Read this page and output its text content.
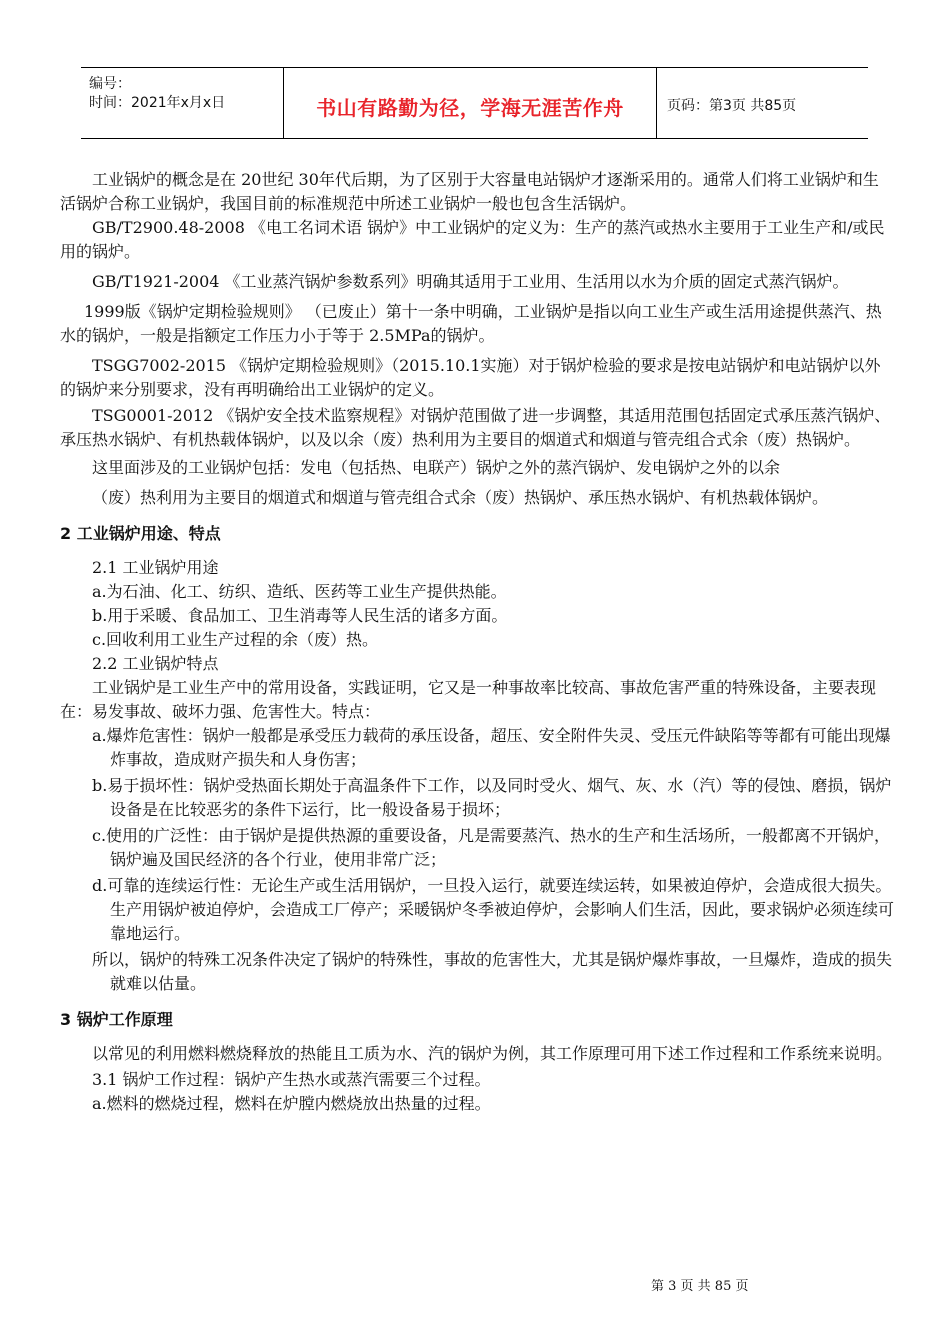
编号：
时间：2021年x月x日	书山有路勤为径，学海无涯苦作舟	页码：第3页 共85页

工业锅炉的概念是在 20世纪 30年代后期，为了区别于大容量电站锅炉才逐渐采用的。通常人们将工业锅炉和生活锅炉合称工业锅炉，我国目前的标准规范中所述工业锅炉一般也包含生活锅炉。

GB/T2900.48-2008 《电工名词术语 锅炉》中工业锅炉的定义为：生产的蒸汽或热水主要用于工业生产和/或民用的锅炉。

GB/T1921-2004 《工业蒸汽锅炉参数系列》明确其适用于工业用、生活用以水为介质的固定式蒸汽锅炉。

1999版《锅炉定期检验规则》 （已废止）第十一条中明确，工业锅炉是指以向工业生产或生活用途提供蒸汽、热水的锅炉，一般是指额定工作压力小于等于 2.5MPa的锅炉。

TSGG7002-2015 《锅炉定期检验规则》（2015.10.1实施）对于锅炉检验的要求是按电站锅炉和电站锅炉以外的锅炉来分别要求，没有再明确给出工业锅炉的定义。

TSG0001-2012 《锅炉安全技术监察规程》对锅炉范围做了进一步调整，其适用范围包括固定式承压蒸汽锅炉、承压热水锅炉、有机热载体锅炉，以及以余（废）热利用为主要目的烟道式和烟道与管壳组合式余（废）热锅炉。

这里面涉及的工业锅炉包括：发电（包括热、电联产）锅炉之外的蒸汽锅炉、发电锅炉之外的以余

（废）热利用为主要目的烟道式和烟道与管壳组合式余（废）热锅炉、承压热水锅炉、有机热载体锅炉。

2 工业锅炉用途、特点

2.1 工业锅炉用途

a.为石油、化工、纺织、造纸、医药等工业生产提供热能。

b.用于采暖、食品加工、卫生消毒等人民生活的诸多方面。

c.回收利用工业生产过程的余（废）热。

2.2 工业锅炉特点

工业锅炉是工业生产中的常用设备，实践证明，它又是一种事故率比较高、事故危害严重的特殊设备，主要表现在：易发事故、破坏力强、危害性大。特点：

a.爆炸危害性：锅炉一般都是承受压力载荷的承压设备，超压、安全附件失灵、受压元件缺陷等等都有可能出现爆炸事故，造成财产损失和人身伤害；

b.易于损坏性：锅炉受热面长期处于高温条件下工作，以及同时受火、烟气、灰、水（汽）等的侵蚀、磨损，锅炉设备是在比较恶劣的条件下运行，比一般设备易于损坏；

c.使用的广泛性：由于锅炉是提供热源的重要设备，凡是需要蒸汽、热水的生产和生活场所，一般都离不开锅炉，锅炉遍及国民经济的各个行业，使用非常广泛；

d.可靠的连续运行性：无论生产或生活用锅炉，一旦投入运行，就要连续运转，如果被迫停炉，会造成很大损失。生产用锅炉被迫停炉，会造成工厂停产；采暖锅炉冬季被迫停炉，会影响人们生活，因此，要求锅炉必须连续可靠地运行。

所以，锅炉的特殊工况条件决定了锅炉的特殊性，事故的危害性大，尤其是锅炉爆炸事故，一旦爆炸，造成的损失就难以估量。

3 锅炉工作原理

以常见的利用燃料燃烧释放的热能且工质为水、汽的锅炉为例，其工作原理可用下述工作过程和工作系统来说明。

3.1 锅炉工作过程：锅炉产生热水或蒸汽需要三个过程。

a.燃料的燃烧过程，燃料在炉膛内燃烧放出热量的过程。

第 3 页 共 85 页
